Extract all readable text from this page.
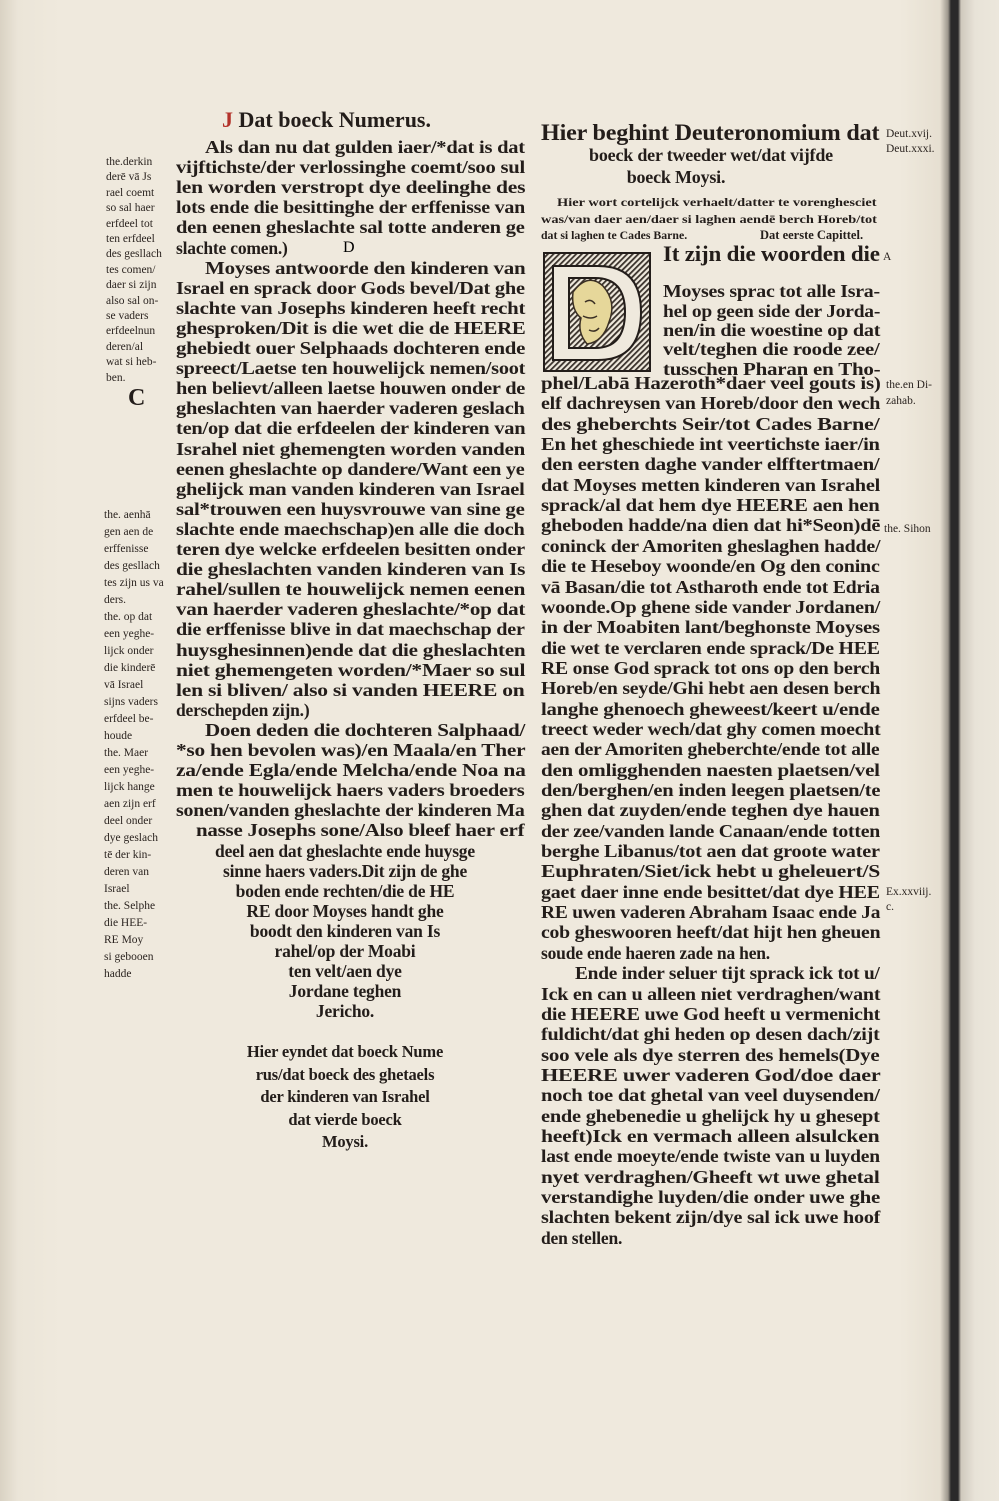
J Dat boeck Numerus.
C
D
Als dan nu dat gulden iaer/*dat is dat
vijftichste/der verlossinghe coemt/soo sul
len worden verstropt dye deelinghe des
lots ende die besittinghe der erffenisse van
den eenen gheslachte sal totte anderen ge
slachte comen.)
Moyses antwoorde den kinderen van
Israel en sprack door Gods bevel/Dat ghe
slachte van Josephs kinderen heeft recht
ghesproken/Dit is die wet die de HEERE
ghebiedt ouer Selphaads dochteren ende
spreect/Laetse ten houwelijck nemen/soot
hen believt/alleen laetse houwen onder de
gheslachten van haerder vaderen geslach
ten/op dat die erfdeelen der kinderen van
Israhel niet ghemengten worden vanden
eenen gheslachte op dandere/Want een ye
ghelijck man vanden kinderen van Israel
sal*trouwen een huysvrouwe van sine ge
slachte ende maechschap)en alle die doch
teren dye welcke erfdeelen besitten onder
die gheslachten vanden kinderen van Is
rahel/sullen te houwelijck nemen eenen
van haerder vaderen gheslachte/*op dat
die erffenisse blive in dat maechschap der
huysghesinnen)ende dat die gheslachten
niet ghemengeten worden/*Maer so sul
len si bliven/ also si vanden HEERE on
derschepden zijn.)
Doen deden die dochteren Salphaad/
*so hen bevolen was)/en Maala/en Ther
za/ende Egla/ende Melcha/ende Noa na
men te houwelijck haers vaders broeders
sonen/vanden gheslachte der kinderen Ma
nasse Josephs sone/Also bleef haer erf
deel aen dat gheslachte ende huysge
sinne haers vaders.Dit zijn de ghe
boden ende rechten/die de HE
RE door Moyses handt ghe
boodt den kinderen van Is
rahel/op der Moabi
ten velt/aen dye
Jordane teghen
Jericho.
the.derkin
derē vā Js
rael coemt
so sal haer
erfdeel tot
ten erfdeel
des gesllach
tes comen/
daer si zijn
also sal on-
se vaders
erfdeelnun
deren/al
wat si heb-
ben.
the. aenhā
gen aen de
erffenisse
des gesllach
tes zijn us va
ders.
the. op dat
een yeghe-
lijck onder
die kinderē
vā Israel
sijns vaders
erfdeel be-
houde
the. Maer
een yeghe-
lijck hange
aen zijn erf
deel onder
dye geslach
tē der kin-
deren van
Israel
the. Selphe
die HEE-
RE Moy
si gebooen
hadde
Hier eyndet dat boeck Nume
rus/dat boeck des ghetaels
der kinderen van Israhel
dat vierde boeck
Moysi.
Hier beghint Deuteronomium dat
boeck der tweeder wet/dat vijfde
boeck Moysi.
Hier wort cortelijck verhaelt/datter te vorenghesciet
was/van daer aen/daer si laghen aendē berch Horeb/tot
dat si laghen te Cades Barne.	Dat eerste Capittel.
It zijn die woorden die
Moyses sprac tot alle Isra-
hel op geen side der Jorda-
nen/in die woestine op dat
velt/teghen die roode zee/
tusschen Pharan en Tho-
phel/Labā Hazeroth*daer veel gouts is)
elf dachreysen van Horeb/door den wech
des gheberchts Seir/tot Cades Barne/
En het gheschiede int veertichste iaer/in
den eersten daghe vander elfftertmaen/
dat Moyses metten kinderen van Israhel
sprack/al dat hem dye HEERE aen hen
gheboden hadde/na dien dat hi*Seon)dē
coninck der Amoriten gheslaghen hadde/
die te Heseboy woonde/en Og den coninc
vā Basan/die tot Astharoth ende tot Edria
woonde.Op ghene side vander Jordanen/
in der Moabiten lant/beghonste Moyses
die wet te verclaren ende sprack/De HEE
RE onse God sprack tot ons op den berch
Horeb/en seyde/Ghi hebt aen desen berch
langhe ghenoech gheweest/keert u/ende
treect weder wech/dat ghy comen moecht
aen der Amoriten gheberchte/ende tot alle
den omligghenden naesten plaetsen/vel
den/berghen/en inden leegen plaetsen/te
ghen dat zuyden/ende teghen dye hauen
der zee/vanden lande Canaan/ende totten
berghe Libanus/tot aen dat groote water
Euphraten/Siet/ick hebt u gheleuert/S
gaet daer inne ende besittet/dat dye HEE
RE uwen vaderen Abraham Isaac ende Ja
cob gheswooren heeft/dat hijt hen gheuen
soude ende haeren zade na hen.
Ende inder seluer tijt sprack ick tot u/
Ick en can u alleen niet verdraghen/want
die HEERE uwe God heeft u vermenicht
fuldicht/dat ghi heden op desen dach/zijt
soo vele als dye sterren des hemels(Dye
HEERE uwer vaderen God/doe daer
noch toe dat ghetal van veel duysenden/
ende ghebenedie u ghelijck hy u ghesept
heeft)Ick en vermach alleen alsulcken
last ende moeyte/ende twiste van u luyden
nyet verdraghen/Gheeft wt uwe ghetal
verstandighe luyden/die onder uwe ghe
slachten bekent zijn/dye sal ick uwe hoof
den stellen.
Deut.xvij.
Deut.xxxi.
A
the.en Di-
zahab.
the. Sihon
Ex.xxviij.
c.
